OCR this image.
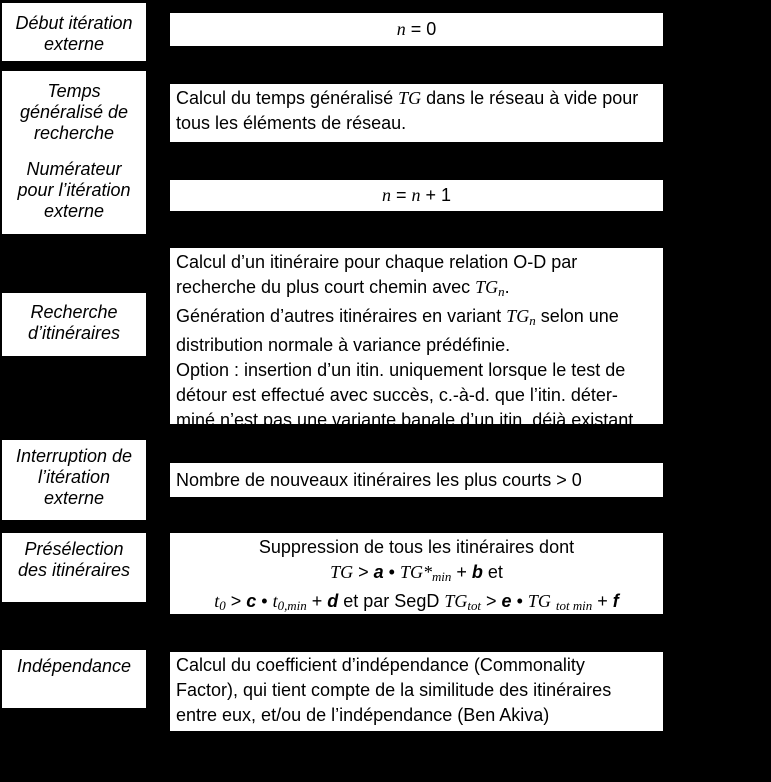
Début itération
externe

Temps
généralisé de
recherche

Numérateur
pour l’itération
externe

Recherche
d’itinéraires

Interruption de
l’itération
externe

Présélection
des itinéraires

Indépendance

n = 0
Calcul du temps généralisé TG dans le réseau à vide pour
tous les éléments de réseau.
n = n + 1
Calcul d’un itinéraire pour chaque relation O-D par
recherche du plus court chemin avec TGn.
Génération d’autres itinéraires en variant TGn selon une
distribution normale à variance prédéfinie.
Option : insertion d’un itin. uniquement lorsque le test de
détour est effectué avec succès, c.-à-d. que l’itin. déter-
miné n’est pas une variante banale d’un itin. déjà existant.
Nombre de nouveaux itinéraires les plus courts > 0
Suppression de tous les itinéraires dont
TG > a • TG*min + b et
t0 > c • t0,min + d et par SegD TGtot > e • TG tot min + f
Calcul du coefficient d’indépendance (Commonality
Factor), qui tient compte de la similitude des itinéraires
entre eux, et/ou de l’indépendance (Ben Akiva)
